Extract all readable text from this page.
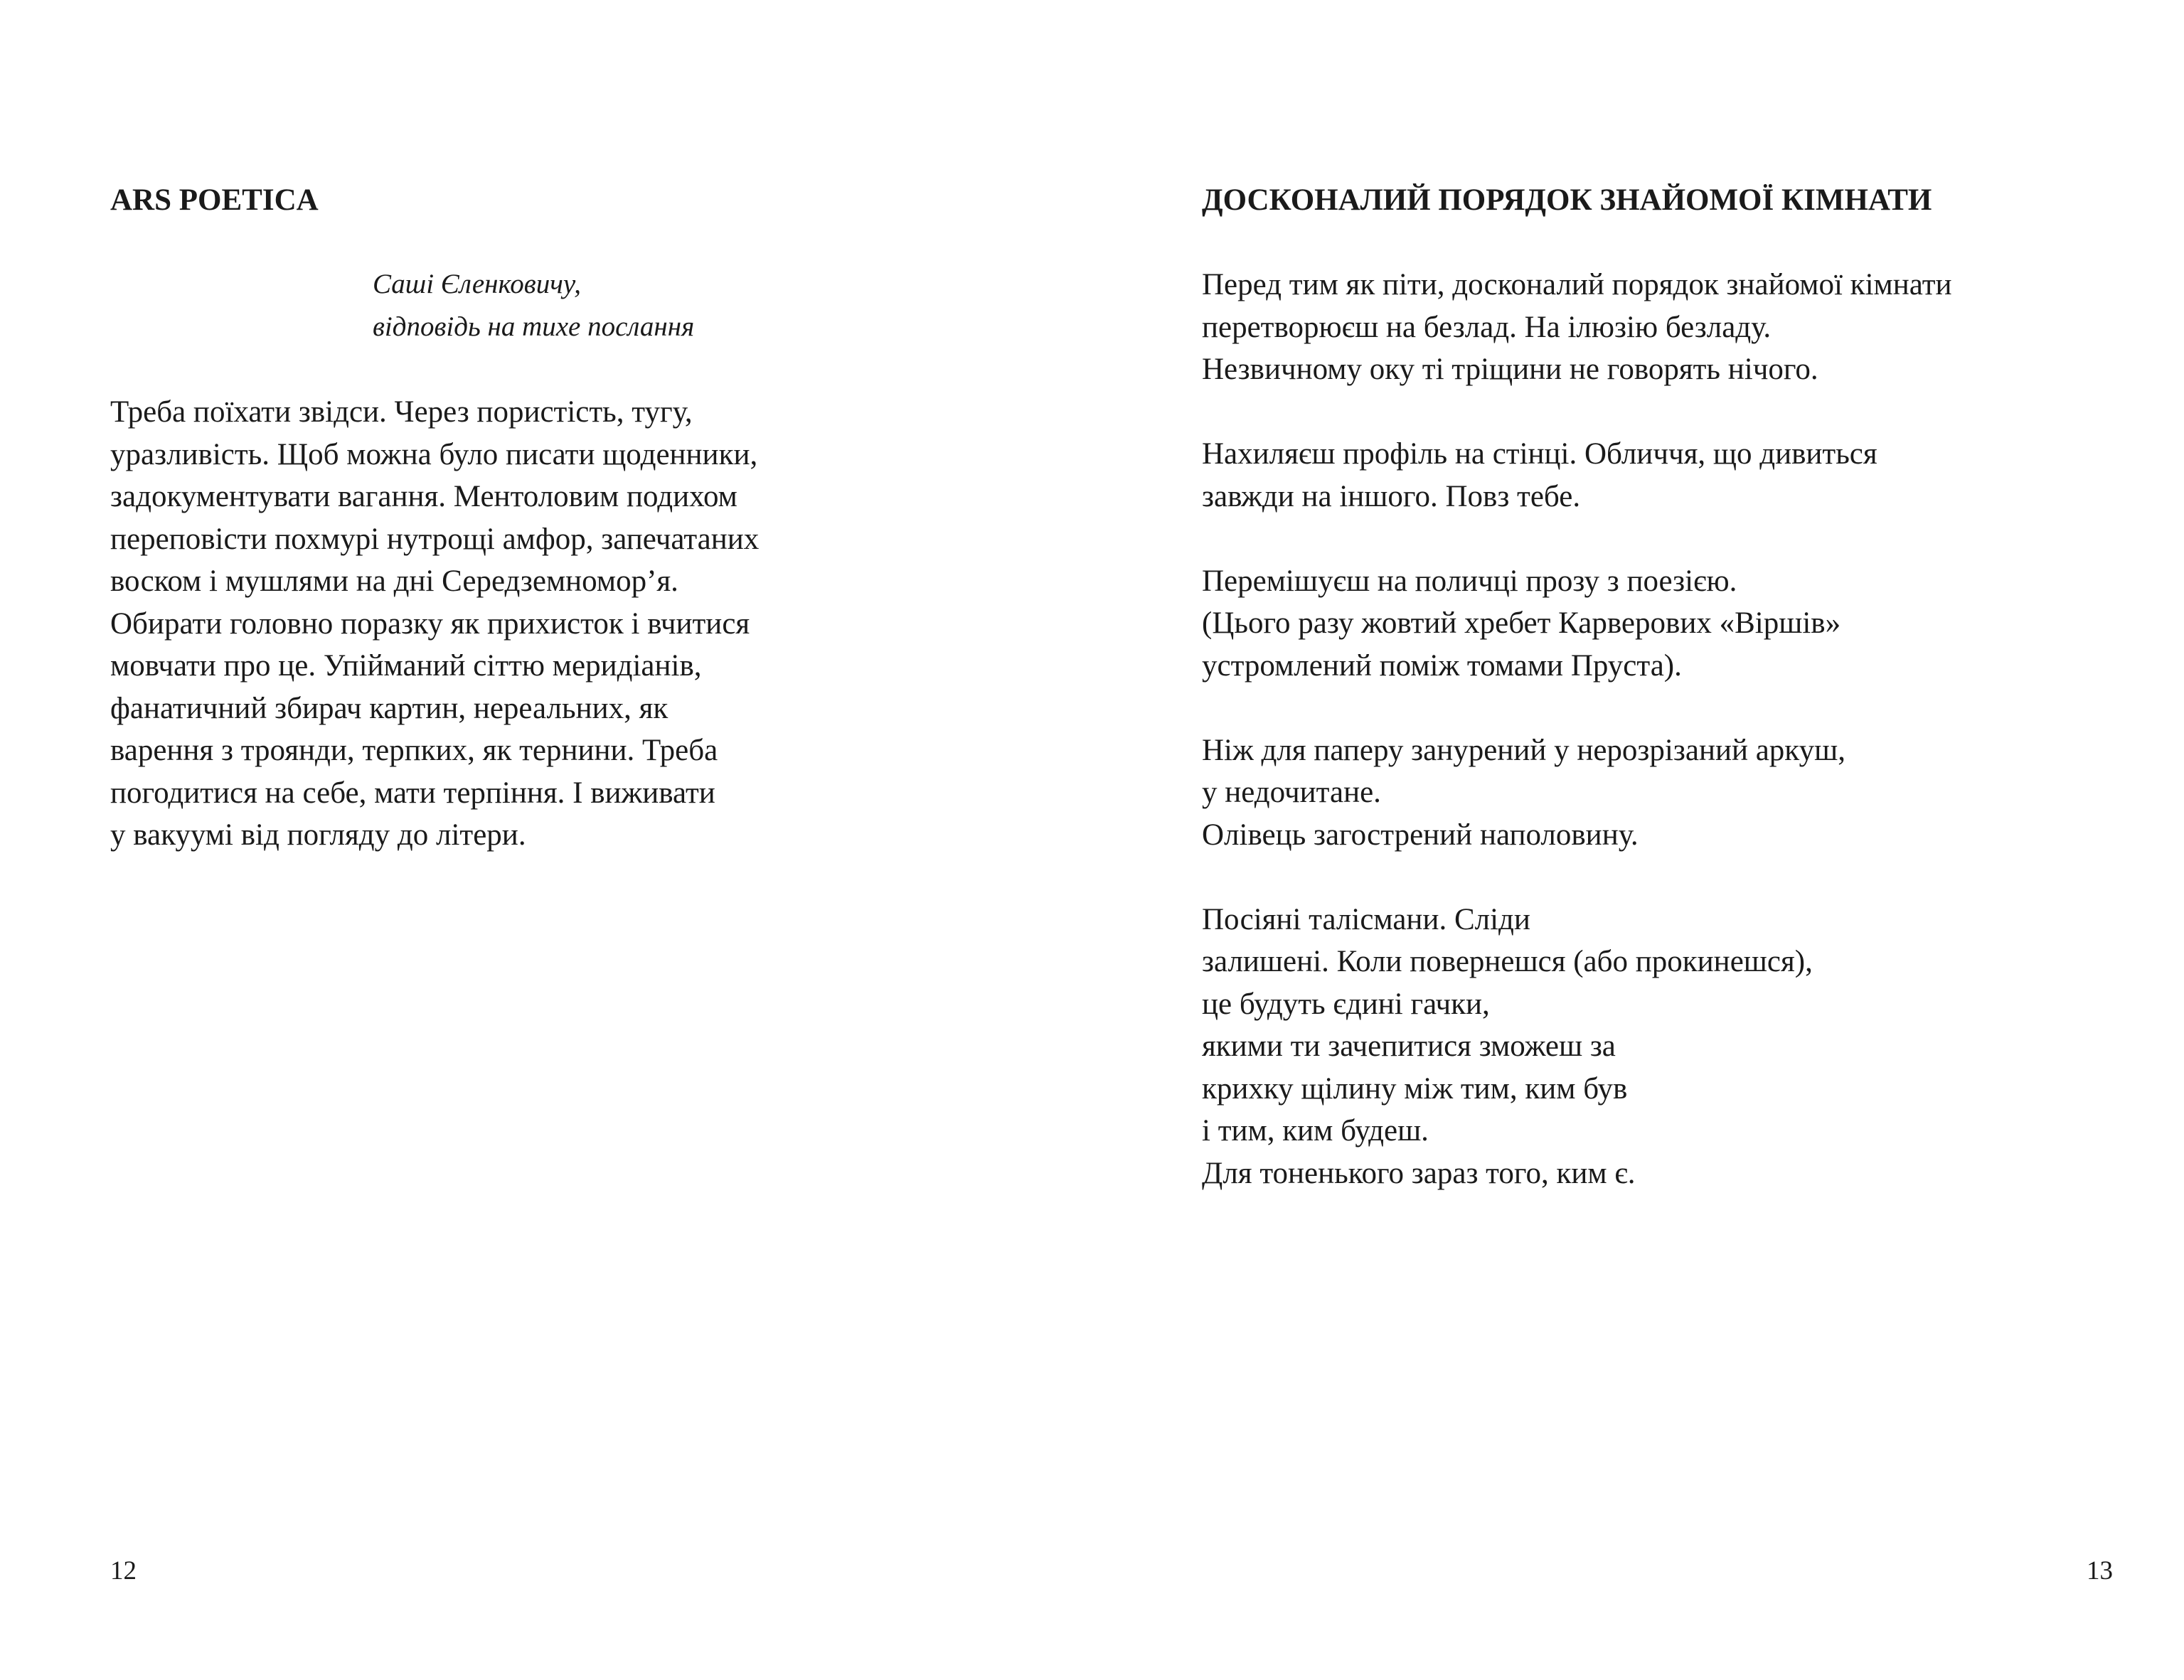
ARS POETICA
Саші Єленковичу,
відповідь на тихе послання
Треба поїхати звідси. Через пористість, тугу,
уразливість. Щоб можна було писати щоденники,
задокументувати вагання. Ментоловим подихом
переповісти похмурі нутрощі амфор, запечатаних
воском і мушлями на дні Середземномор’я.
Обирати головно поразку як прихисток і вчитися
мовчати про це. Упійманий сіттю меридіанів,
фанатичний збирач картин, нереальних, як
варення з троянди, терпких, як тернини. Треба
погодитися на себе, мати терпіння. І виживати
у вакуумі від погляду до літери.
12
ДОСКОНАЛИЙ ПОРЯДОК ЗНАЙОМОЇ КІМНАТИ
Перед тим як піти, досконалий порядок знайомої кімнати
перетворюєш на безлад. На ілюзію безладу.
Незвичному оку ті тріщини не говорять нічого.
Нахиляєш профіль на стінці. Обличчя, що дивиться
завжди на іншого. Повз тебе.
Перемішуєш на поличці прозу з поезією.
(Цього разу жовтий хребет Карверових «Віршів»
устромлений поміж томами Пруста).
Ніж для паперу занурений у нерозрізаний аркуш,
у недочитане.
Олівець загострений наполовину.
Посіяні талісмани. Сліди
залишені. Коли повернешся (або прокинешся),
це будуть єдині гачки,
якими ти зачепитися зможеш за
крихку щілину між тим, ким був
і тим, ким будеш.
Для тоненького зараз того, ким є.
13
